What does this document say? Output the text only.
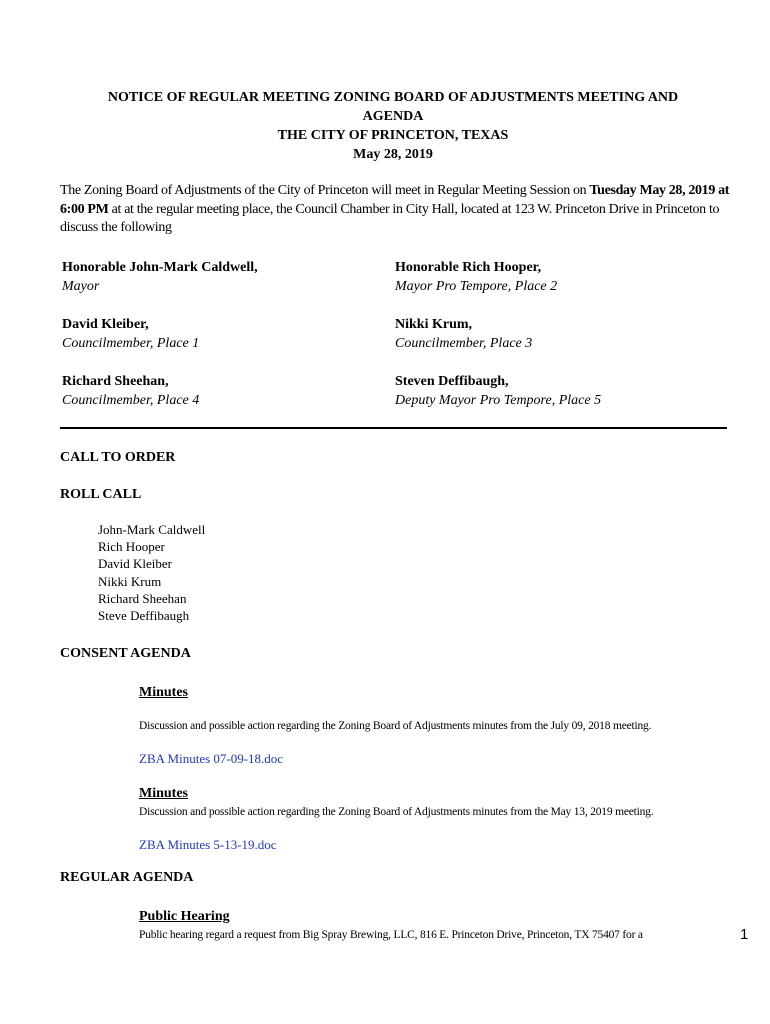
NOTICE OF REGULAR MEETING ZONING BOARD OF ADJUSTMENTS MEETING AND
AGENDA
THE CITY OF PRINCETON, TEXAS
May 28, 2019
The Zoning Board of Adjustments of the City of Princeton will meet in Regular Meeting Session on Tuesday May 28, 2019 at 6:00 PM at at the regular meeting place, the Council Chamber in City Hall, located at 123 W. Princeton Drive in Princeton to discuss the following
Honorable John-Mark Caldwell,
Mayor
Honorable Rich Hooper,
Mayor Pro Tempore, Place 2
David Kleiber,
Councilmember, Place 1
Nikki Krum,
Councilmember, Place 3
Richard Sheehan,
Councilmember, Place 4
Steven Deffibaugh,
Deputy Mayor Pro Tempore, Place 5
CALL TO ORDER
ROLL CALL
John-Mark Caldwell
Rich Hooper
David Kleiber
Nikki Krum
Richard Sheehan
Steve Deffibaugh
CONSENT AGENDA
Minutes
Discussion and possible action regarding the Zoning Board of Adjustments minutes from the July 09, 2018 meeting.
ZBA Minutes 07-09-18.doc
Minutes
Discussion and possible action regarding the Zoning Board of Adjustments minutes from the May 13, 2019 meeting.
ZBA Minutes 5-13-19.doc
REGULAR AGENDA
Public Hearing
Public hearing regard a request from Big Spray Brewing, LLC, 816 E. Princeton Drive, Princeton, TX 75407 for a	1
